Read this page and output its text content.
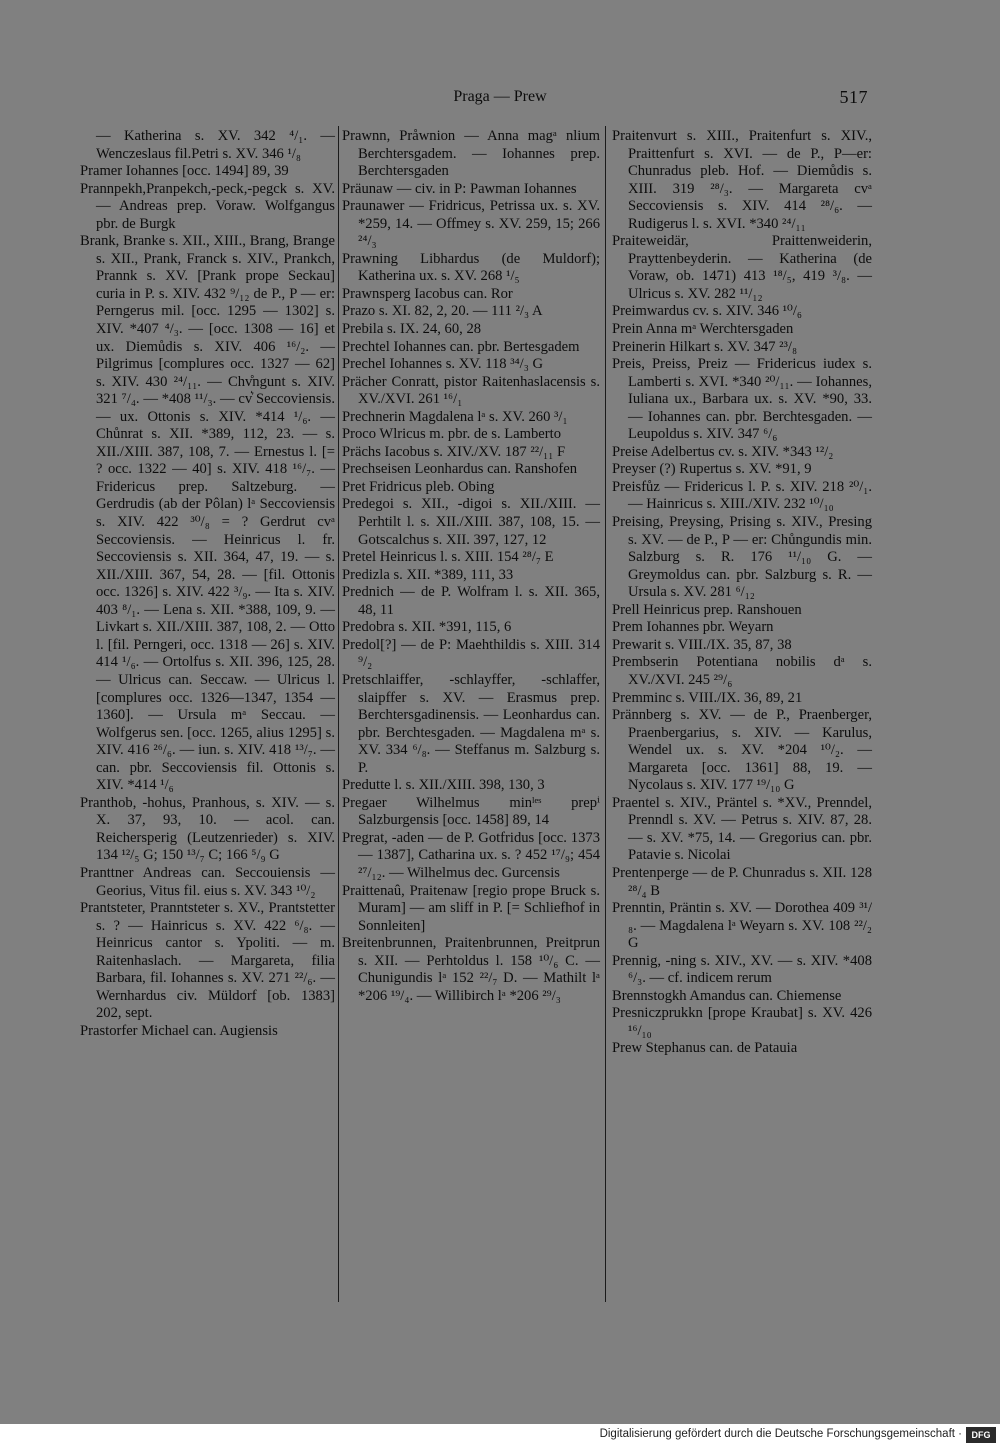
Praga — Prew	517

— Katherina s. XV. 342 ⁴/₁. — Wenczeslaus fil.Petri s. XV. 346 ¹/₈

Pramer Iohannes [occ. 1494] 89, 39

Prannpekh,Pranpekch,-peck,-pegck s. XV. — Andreas prep. Voraw. Wolfgangus pbr. de Burgk

Brank, Branke s. XII., XIII., Brang, Brange s. XII., Prank, Franck s. XIV., Prankch, Prannk s. XV. [Prank prope Seckau] curia in P. s. XIV. 432 ⁹/₁₂ de P., P — er: Perngerus mil. [occ. 1295 — 1302] s. XIV. *407 ⁴/₃. — [occ. 1308 — 16] et ux. Diemůdis s. XIV. 406 ¹⁶/₂. — Pilgrimus [complures occ. 1327 — 62] s. XIV. 430 ²⁴/₁₁. — Chv̊ngunt s. XIV. 321 ⁷/₄. — *408 ¹¹/₃. — cv͛ Seccoviensis. — ux. Ottonis s. XIV. *414 ¹/₆. — Chůnrat s. XII. *389, 112, 23. — s. XII./XIII. 387, 108, 7. — Ernestus l. [= ? occ. 1322 — 40] s. XIV. 418 ¹⁶/₇. — Fridericus prep. Saltzeburg. — Gerdrudis (ab der Pôlan) lᵃ Seccoviensis s. XIV. 422 ³⁰/₈ = ? Gerdrut cvᵃ Seccoviensis. — Heinricus l. fr. Seccoviensis s. XII. 364, 47, 19. — s. XII./XIII. 367, 54, 28. — [fil. Ottonis occ. 1326] s. XIV. 422 ³/₉. — Ita s. XIV. 403 ⁸/₁. — Lena s. XII. *388, 109, 9. — Livkart s. XII./XIII. 387, 108, 2. — Otto l. [fil. Perngeri, occ. 1318 — 26] s. XIV. 414 ¹/₆. — Ortolfus s. XII. 396, 125, 28. — Ulricus can. Seccaw. — Ulricus l. [complures occ. 1326—1347, 1354 —1360]. — Ursula mᵃ Seccau. — Wolfgerus sen. [occ. 1265, alius 1295] s. XIV. 416 ²⁶/₆. — iun. s. XIV. 418 ¹³/₇. — can. pbr. Seccoviensis fil. Ottonis s. XIV. *414 ¹/₆

Pranthob, -hohus, Pranhous, s. XIV. — s. X. 37, 93, 10. — acol. can. Reichersperig (Leutzenrieder) s. XIV. 134 ¹²/₅ G; 150 ¹³/₇ C; 166 ⁵/₉ G

Pranttner Andreas can. Seccouiensis — Georius, Vitus fil. eius s. XV. 343 ¹⁰/₂

Prantsteter, Pranntsteter s. XV., Prantstetter s. ? — Hainricus s. XV. 422 ⁶/₈. — Heinricus cantor s. Ypoliti. — m. Raitenhaslach. — Margareta, filia Barbara, fil. Iohannes s. XV. 271 ²²/₆. — Wernhardus civ. Müldorf [ob. 1383] 202, sept.

Prastorfer Michael can. Augiensis

Prawnn, Pråwnion — Anna magᵃ nlium Berchtersgadem. — Iohannes prep. Berchtersgaden

Präunaw — civ. in P: Pawman Iohannes

Praunawer — Fridricus, Petrissa ux. s. XV. *259, 14. — Offmey s. XV. 259, 15; 266 ²⁴/₃

Prawning Libhardus (de Muldorf); Katherina ux. s. XV. 268 ¹/₅

Prawnsperg Iacobus can. Ror

Prazo s. XI. 82, 2, 20. — 111 ²/₃ A

Prebila s. IX. 24, 60, 28

Prechtel Iohannes can. pbr. Bertesgadem

Prechel Iohannes s. XV. 118 ³⁴/₃ G

Prächer Conratt, pistor Raitenhaslacensis s. XV./XVI. 261 ¹⁶/₁

Prechnerin Magdalena lᵃ s. XV. 260 ³/₁

Proco Wlricus m. pbr. de s. Lamberto

Prächs Iacobus s. XIV./XV. 187 ²²/₁₁ F

Prechseisen Leonhardus can. Ranshofen

Pret Fridricus pleb. Obing

Predegoi s. XII., -digoi s. XII./XIII. — Perhtilt l. s. XII./XIII. 387, 108, 15. — Gotscalchus s. XII. 397, 127, 12

Pretel Heinricus l. s. XIII. 154 ²⁸/₇ E

Predizla s. XII. *389, 111, 33

Prednich — de P. Wolfram l. s. XII. 365, 48, 11

Predobra s. XII. *391, 115, 6

Predol[?] — de P: Maehthildis s. XIII. 314 ⁹/₂

Pretschlaiffer, -schlayffer, -schlaffer, slaipffer s. XV. — Erasmus prep. Berchtersgadinensis. — Leonhardus can. pbr. Berchtesgaden. — Magdalena mᵃ s. XV. 334 ⁶/₈. — Steffanus m. Salzburg s. P.

Predutte l. s. XII./XIII. 398, 130, 3

Pregaer Wilhelmus minˡᵉˢ prepⁱ Salzburgensis [occ. 1458] 89, 14

Pregrat, -aden — de P. Gotfridus [occ. 1373 — 1387], Catharina ux. s. ? 452 ¹⁷/₉; 454 ²⁷/₁₂. — Wilhelmus dec. Gurcensis

Praittenaû, Praitenaw [regio prope Bruck s. Muram] — am sliff in P. [= Schliefhof in Sonnleiten]

Breitenbrunnen, Praitenbrunnen, Preitprun s. XII. — Perhtoldus l. 158 ¹⁰/₆ C. — Chunigundis lᵃ 152 ²²/₇ D. — Mathilt lᵃ *206 ¹⁹/₄. — Willibirch lᵃ *206 ²⁹/₃

Praitenvurt s. XIII., Praitenfurt s. XIV., Praittenfurt s. XVI. — de P., P—er: Chunradus pleb. Hof. — Diemůdis s. XIII. 319 ²⁸/₃. — Margareta cvᵃ Seccoviensis s. XIV. 414 ²⁸/₆. — Rudigerus l. s. XVI. *340 ²⁴/₁₁

Praiteweidär, Praittenweiderin, Prayttenbeyderin. — Katherina (de Voraw, ob. 1471) 413 ¹⁸/₅, 419 ³/₈. — Ulricus s. XV. 282 ¹¹/₁₂

Preimwardus cv. s. XIV. 346 ¹⁰/₆

Prein Anna mᵃ Werchtersgaden

Preinerin Hilkart s. XV. 347 ²³/₈

Preis, Preiss, Preiz — Fridericus iudex s. Lamberti s. XVI. *340 ²⁰/₁₁. — Iohannes, Iuliana ux., Barbara ux. s. XV. *90, 33. — Iohannes can. pbr. Berchtesgaden. — Leupoldus s. XIV. 347 ⁶/₆

Preise Adelbertus cv. s. XIV. *343 ¹²/₂

Preyser (?) Rupertus s. XV. *91, 9

Preisfůz — Fridericus l. P. s. XIV. 218 ²⁰/₁. — Hainricus s. XIII./XIV. 232 ¹⁰/₁₀

Preising, Preysing, Prising s. XIV., Presing s. XV. — de P., P — er: Chůngundis min. Salzburg s. R. 176 ¹¹/₁₀ G. — Greymoldus can. pbr. Salzburg s. R. — Ursula s. XV. 281 ⁶/₁₂

Prell Heinricus prep. Ranshouen

Prem Iohannes pbr. Weyarn

Prewarit s. VIII./IX. 35, 87, 38

Prembserin Potentiana nobilis dᵃ s. XV./XVI. 245 ²⁹/₆

Premminc s. VIII./IX. 36, 89, 21

Prännberg s. XV. — de P., Praenberger, Praenbergarius, s. XIV. — Karulus, Wendel ux. s. XV. *204 ¹⁰/₂. — Margareta [occ. 1361] 88, 19. — Nycolaus s. XIV. 177 ¹⁹/₁₀ G

Praentel s. XIV., Präntel s. *XV., Prenndel, Prenndl s. XV. — Petrus s. XIV. 87, 28. — s. XV. *75, 14. — Gregorius can. pbr. Patavie s. Nicolai

Prentenperge — de P. Chunradus s. XII. 128 ²⁸/₄ B

Prenntin, Präntin s. XV. — Dorothea 409 ³¹/₈. — Magdalena lᵃ Weyarn s. XV. 108 ²²/₂ G

Prennig, -ning s. XIV., XV. — s. XIV. *408 ⁶/₃. — cf. indicem rerum

Brennstogkh Amandus can. Chiemense

Presniczprukkn [prope Kraubat] s. XV. 426 ¹⁶/₁₀

Prew Stephanus can. de Patauia

Digitalisierung gefördert durch die Deutsche Forschungsgemeinschaft ·	DFG
